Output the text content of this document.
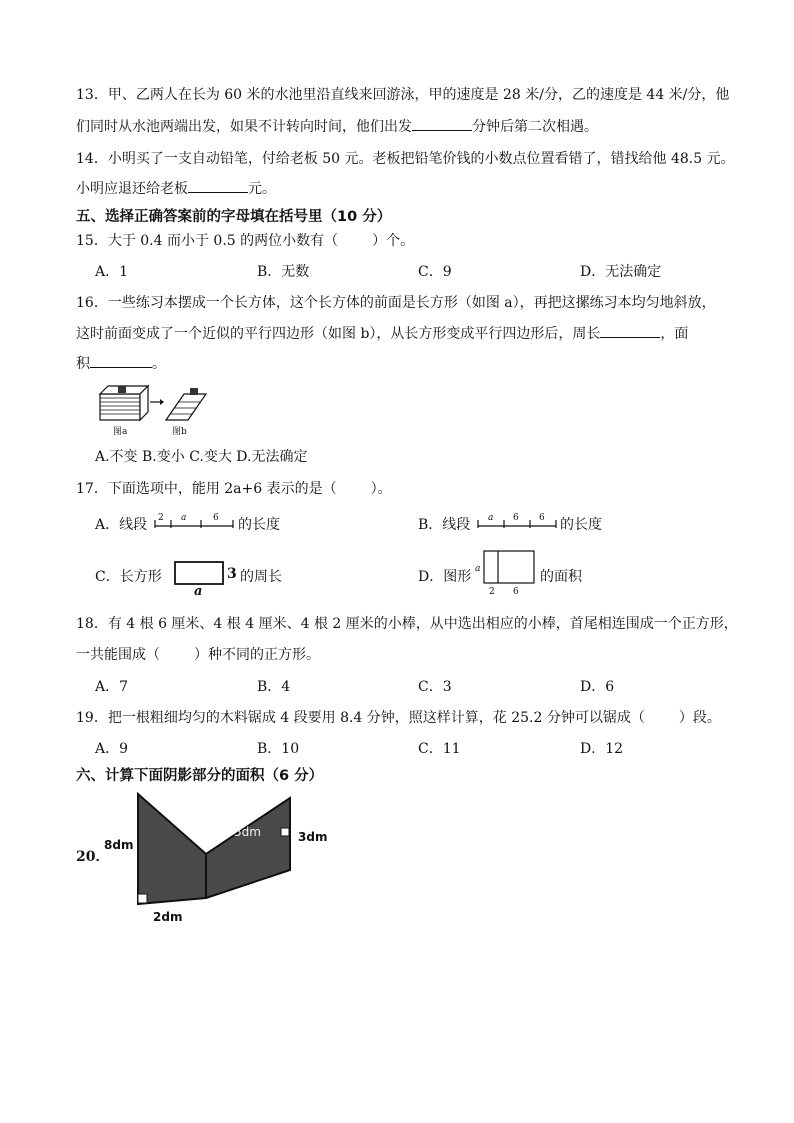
13．甲、乙两人在长为 60 米的水池里沿直线来回游泳，甲的速度是 28 米/分，乙的速度是 44 米/分，他
们同时从水池两端出发，如果不计转向时间，他们出发	分钟后第二次相遇。
14．小明买了一支自动铅笔，付给老板 50 元。老板把铅笔价钱的小数点位置看错了，错找给他 48.5 元。
小明应退还给老板	元。
五、选择正确答案前的字母填在括号里（10 分）
15．大于 0.4 而小于 0.5 的两位小数有（ ）个。
A．1	B．无数	C．9	D．无法确定
16．一些练习本摆成一个长方体，这个长方体的前面是长方形（如图 a），再把这摞练习本均匀地斜放，
这时前面变成了一个近似的平行四边形（如图 b），从长方形变成平行四边形后，周长	，面
积	。
图a	图b
A.不变 B.变小 C.变大 D.无法确定
17．下面选项中，能用 2a+6 表示的是（ ）。
A．线段 2 a	6 的长度	B．线段 a 6 6 的长度
C．长方形	3
a
的周长	D．图形 a
2 6
的面积
18．有 4 根 6 厘米、4 根 4 厘米、4 根 2 厘米的小棒，从中选出相应的小棒，首尾相连围成一个正方形，
一共能围成（ ）种不同的正方形。
A．7	B．4	C．3	D．6
19．把一根粗细均匀的木料锯成 4 段要用 8.4 分钟，照这样计算，花 25.2 分钟可以锯成（ ）段。
A．9	B．10	C．11	D．12
六、计算下面阴影部分的面积（6 分）
20．
8dm
5dm	3dm
2dm
